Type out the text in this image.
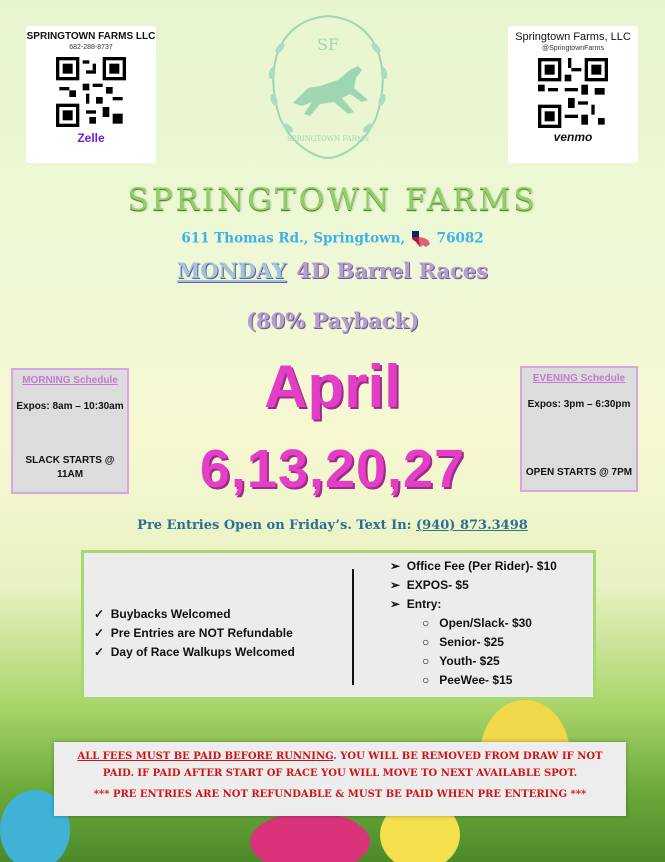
SPRINGTOWN FARMS LLC
682-288-8737
Zelle
Springtown Farms, LLC
@SpringtownFarms
venmo
SF
SPRINGTOWN FARMS
SPRINGTOWN FARMS
611 Thomas Rd., Springtown, 76082
MONDAY 4D Barrel Races
(80% Payback)
April
6,13,20,27
MORNING Schedule
Expos: 8am – 10:30am
SLACK STARTS @ 11AM
EVENING Schedule
Expos: 3pm – 6:30pm
OPEN STARTS @ 7PM
Pre Entries Open on Friday’s. Text In: (940) 873.3498
✓  Buybacks Welcomed
✓  Pre Entries are NOT Refundable
✓  Day of Race Walkups Welcomed
➢  Office Fee (Per Rider)- $10
➢  EXPOS- $5
➢  Entry:
○   Open/Slack- $30
○   Senior- $25
○   Youth- $25
○   PeeWee- $15
ALL FEES MUST BE PAID BEFORE RUNNING. YOU WILL BE REMOVED FROM DRAW IF NOT PAID. IF PAID AFTER START OF RACE YOU WILL MOVE TO NEXT AVAILABLE SPOT.
*** PRE ENTRIES ARE NOT REFUNDABLE & MUST BE PAID WHEN PRE ENTERING ***
